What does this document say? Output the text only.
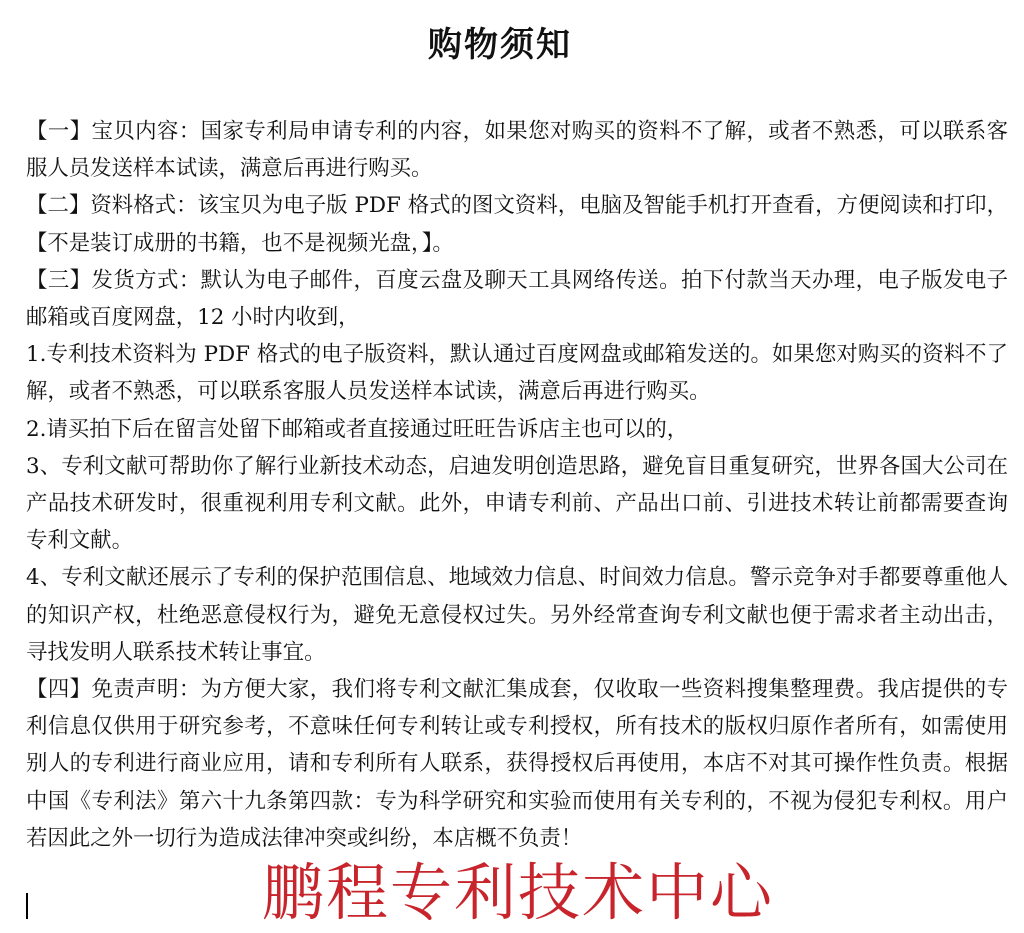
购物须知

【一】宝贝内容：国家专利局申请专利的内容，如果您对购买的资料不了解，或者不熟悉，可以联系客服人员发送样本试读，满意后再进行购买。

【二】资料格式：该宝贝为电子版 PDF 格式的图文资料，电脑及智能手机打开查看，方便阅读和打印，【不是装订成册的书籍，也不是视频光盘，】。

【三】发货方式：默认为电子邮件，百度云盘及聊天工具网络传送。拍下付款当天办理，电子版发电子邮箱或百度网盘，12 小时内收到，

1.专利技术资料为 PDF 格式的电子版资料，默认通过百度网盘或邮箱发送的。如果您对购买的资料不了解，或者不熟悉，可以联系客服人员发送样本试读，满意后再进行购买。

2.请买拍下后在留言处留下邮箱或者直接通过旺旺告诉店主也可以的，

3、专利文献可帮助你了解行业新技术动态，启迪发明创造思路，避免盲目重复研究，世界各国大公司在产品技术研发时，很重视利用专利文献。此外，申请专利前、产品出口前、引进技术转让前都需要查询专利文献。

4、专利文献还展示了专利的保护范围信息、地域效力信息、时间效力信息。警示竞争对手都要尊重他人的知识产权，杜绝恶意侵权行为，避免无意侵权过失。另外经常查询专利文献也便于需求者主动出击，寻找发明人联系技术转让事宜。

【四】免责声明：为方便大家，我们将专利文献汇集成套，仅收取一些资料搜集整理费。我店提供的专利信息仅供用于研究参考，不意味任何专利转让或专利授权，所有技术的版权归原作者所有，如需使用别人的专利进行商业应用，请和专利所有人联系，获得授权后再使用，本店不对其可操作性负责。根据中国《专利法》第六十九条第四款：专为科学研究和实验而使用有关专利的，不视为侵犯专利权。用户若因此之外一切行为造成法律冲突或纠纷，本店概不负责！

鹏程专利技术中心
